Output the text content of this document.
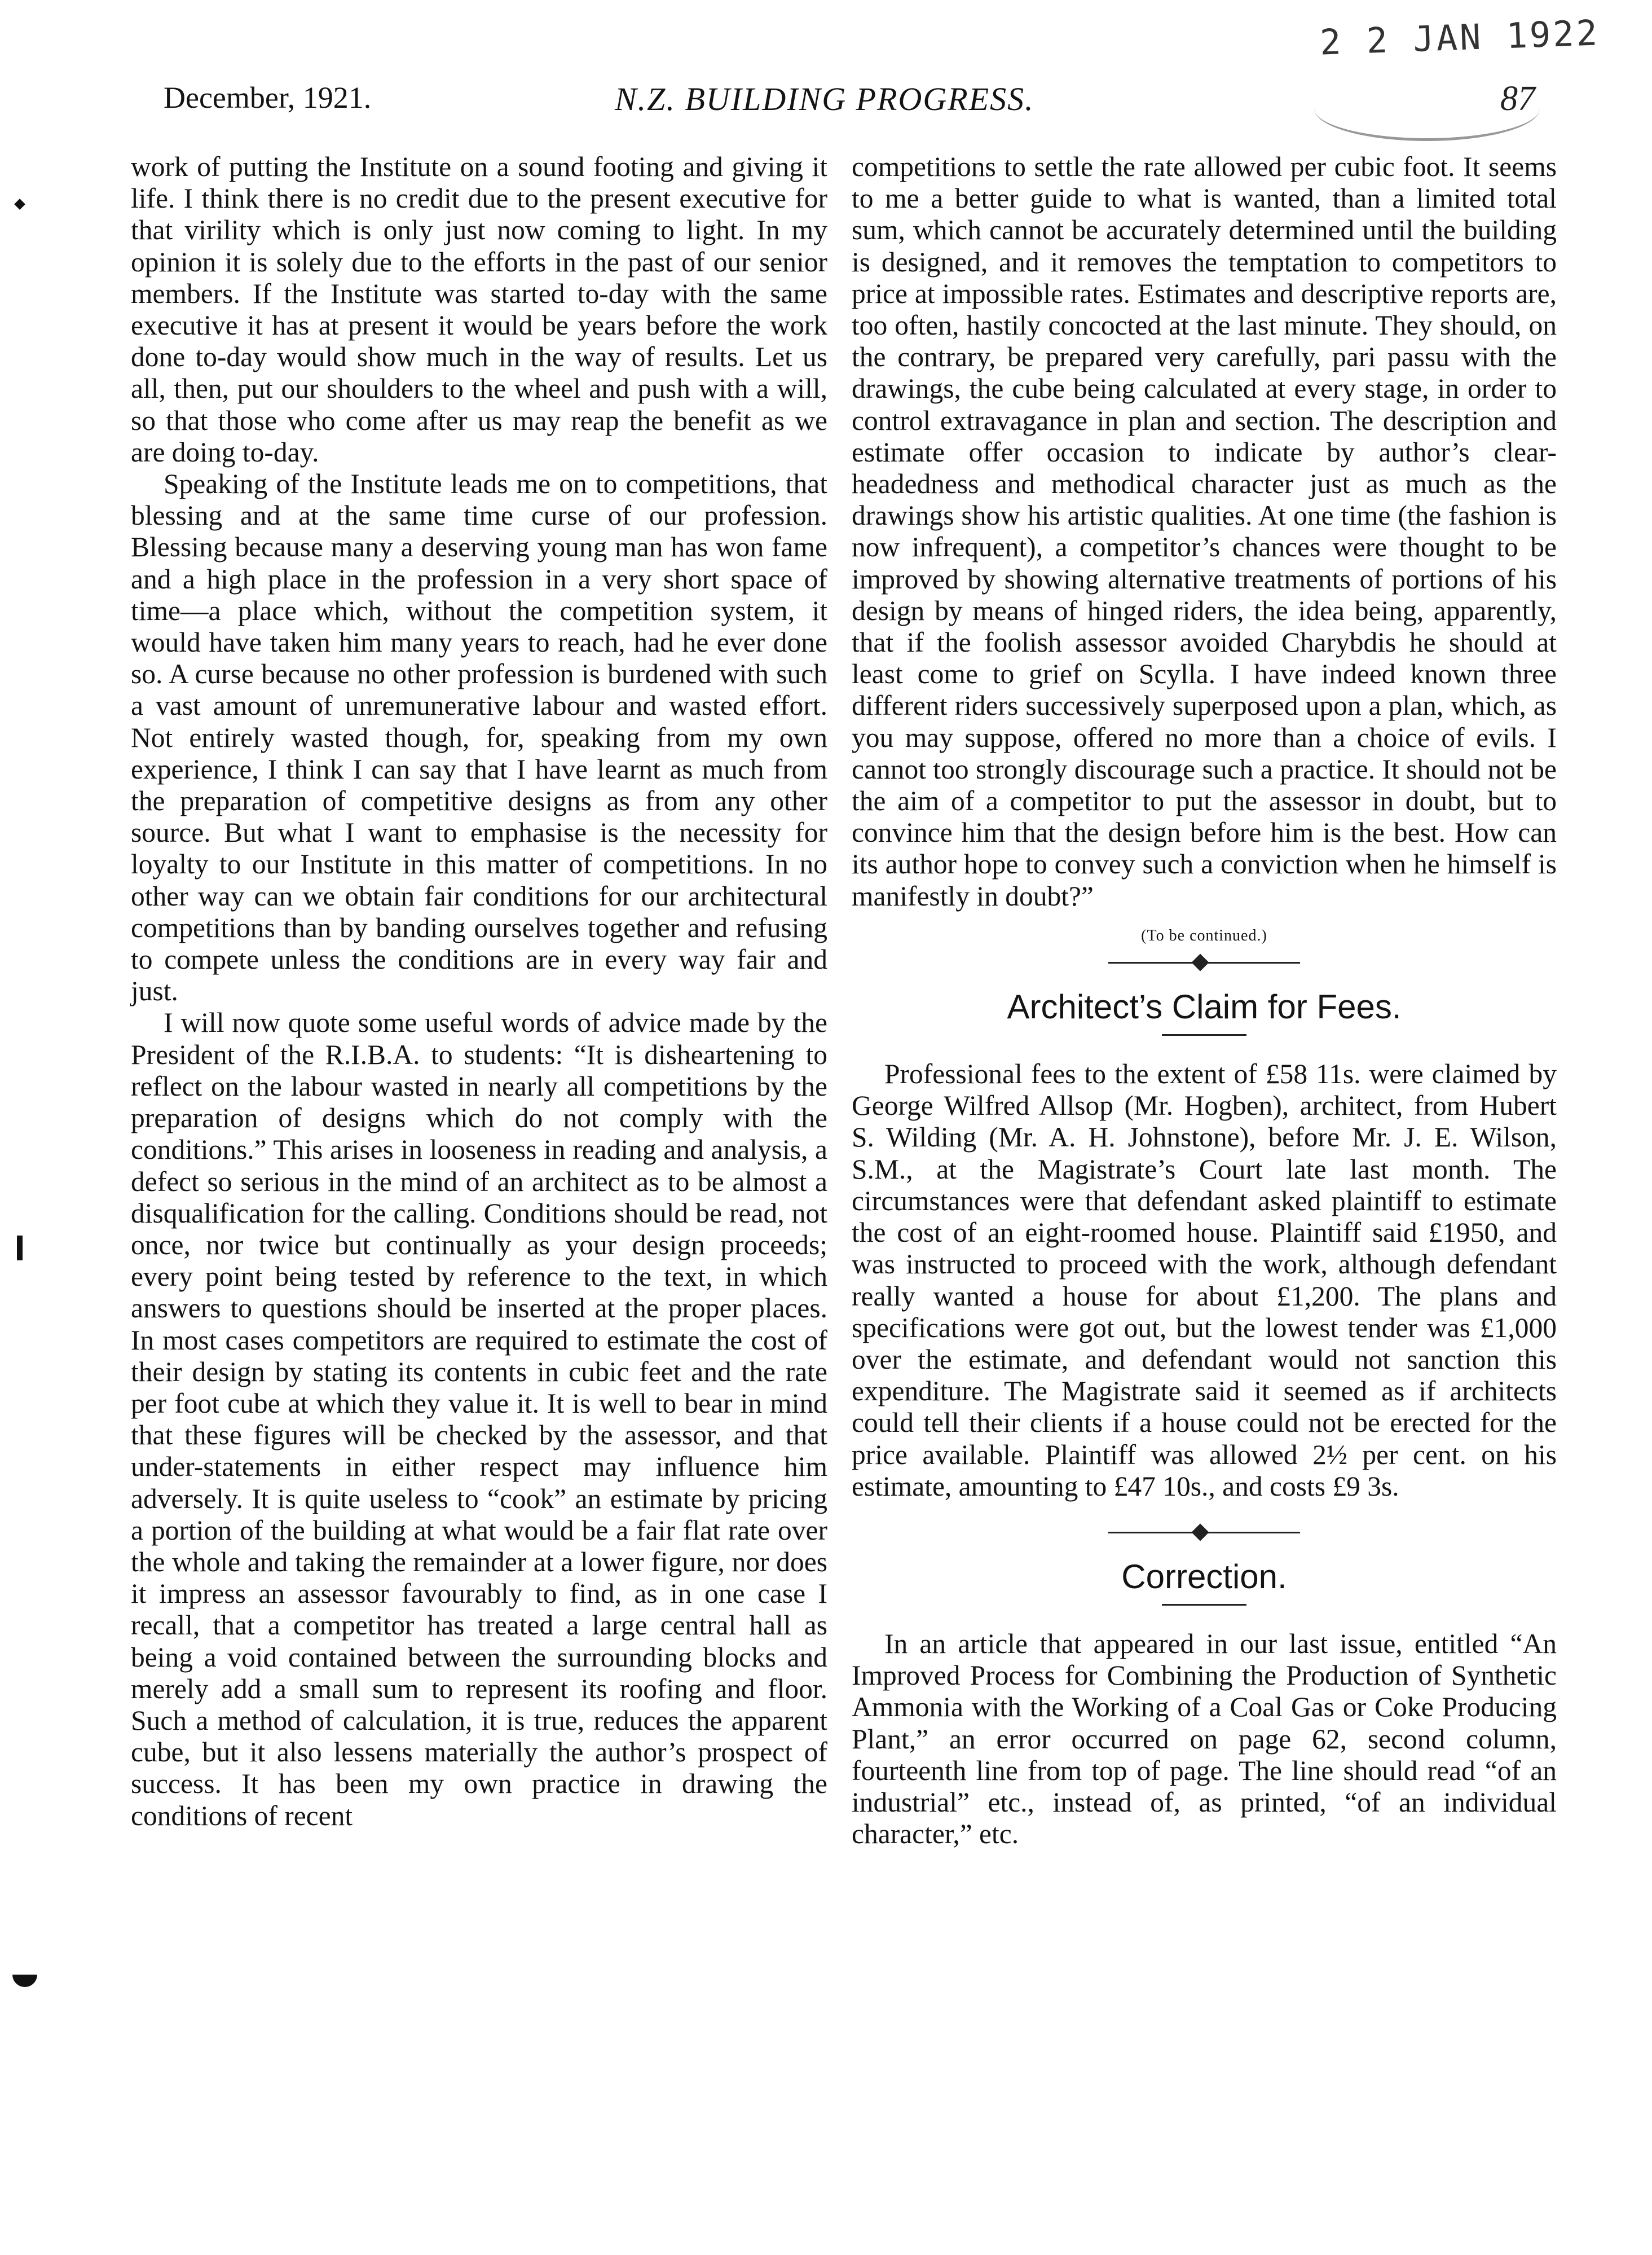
December, 1921.	N.Z. BUILDING PROGRESS.
2 2 JAN 1922
87

work of putting the Institute on a sound footing and giving it life. I think there is no credit due to the present executive for that virility which is only just now coming to light. In my opinion it is solely due to the efforts in the past of our senior members. If the Institute was started to-day with the same executive it has at present it would be years before the work done to-day would show much in the way of results. Let us all, then, put our shoulders to the wheel and push with a will, so that those who come after us may reap the benefit as we are doing to-day.

Speaking of the Institute leads me on to competitions, that blessing and at the same time curse of our profession. Blessing because many a deserving young man has won fame and a high place in the profession in a very short space of time—a place which, without the competition system, it would have taken him many years to reach, had he ever done so. A curse because no other profession is burdened with such a vast amount of unremunerative labour and wasted effort. Not entirely wasted though, for, speaking from my own experience, I think I can say that I have learnt as much from the preparation of competitive designs as from any other source. But what I want to emphasise is the necessity for loyalty to our Institute in this matter of competitions. In no other way can we obtain fair conditions for our architectural competitions than by banding ourselves together and refusing to compete unless the conditions are in every way fair and just.

I will now quote some useful words of advice made by the President of the R.I.B.A. to students: “It is disheartening to reflect on the labour wasted in nearly all competitions by the preparation of designs which do not comply with the conditions.” This arises in looseness in reading and analysis, a defect so serious in the mind of an architect as to be almost a disqualification for the calling. Conditions should be read, not once, nor twice but continually as your design proceeds; every point being tested by reference to the text, in which answers to questions should be inserted at the proper places. In most cases competitors are required to estimate the cost of their design by stating its contents in cubic feet and the rate per foot cube at which they value it. It is well to bear in mind that these figures will be checked by the assessor, and that under-statements in either respect may influence him adversely. It is quite useless to “cook” an estimate by pricing a portion of the building at what would be a fair flat rate over the whole and taking the remainder at a lower figure, nor does it impress an assessor favourably to find, as in one case I recall, that a competitor has treated a large central hall as being a void contained between the surrounding blocks and merely add a small sum to represent its roofing and floor. Such a method of calculation, it is true, reduces the apparent cube, but it also lessens materially the author’s prospect of success. It has been my own practice in drawing the conditions of recent

competitions to settle the rate allowed per cubic foot. It seems to me a better guide to what is wanted, than a limited total sum, which cannot be accurately determined until the building is designed, and it removes the temptation to competitors to price at impossible rates. Estimates and descriptive reports are, too often, hastily concocted at the last minute. They should, on the contrary, be prepared very carefully, pari passu with the drawings, the cube being calculated at every stage, in order to control extravagance in plan and section. The description and estimate offer occasion to indicate by author’s clear-headedness and methodical character just as much as the drawings show his artistic qualities. At one time (the fashion is now infrequent), a competitor’s chances were thought to be improved by showing alternative treatments of portions of his design by means of hinged riders, the idea being, apparently, that if the foolish assessor avoided Charybdis he should at least come to grief on Scylla. I have indeed known three different riders successively superposed upon a plan, which, as you may suppose, offered no more than a choice of evils. I cannot too strongly discourage such a practice. It should not be the aim of a competitor to put the assessor in doubt, but to convince him that the design before him is the best. How can its author hope to convey such a conviction when he himself is manifestly in doubt?”

(To be continued.)
Architect’s Claim for Fees.

Professional fees to the extent of £58 11s. were claimed by George Wilfred Allsop (Mr. Hogben), architect, from Hubert S. Wilding (Mr. A. H. Johnstone), before Mr. J. E. Wilson, S.M., at the Magistrate’s Court late last month. The circumstances were that defendant asked plaintiff to estimate the cost of an eight-roomed house. Plaintiff said £1950, and was instructed to proceed with the work, although defendant really wanted a house for about £1,200. The plans and specifications were got out, but the lowest tender was £1,000 over the estimate, and defendant would not sanction this expenditure. The Magistrate said it seemed as if architects could tell their clients if a house could not be erected for the price available. Plaintiff was allowed 2½ per cent. on his estimate, amounting to £47 10s., and costs £9 3s.

Correction.

In an article that appeared in our last issue, entitled “An Improved Process for Combining the Production of Synthetic Ammonia with the Working of a Coal Gas or Coke Producing Plant,” an error occurred on page 62, second column, fourteenth line from top of page. The line should read “of an industrial” etc., instead of, as printed, “of an individual character,” etc.
